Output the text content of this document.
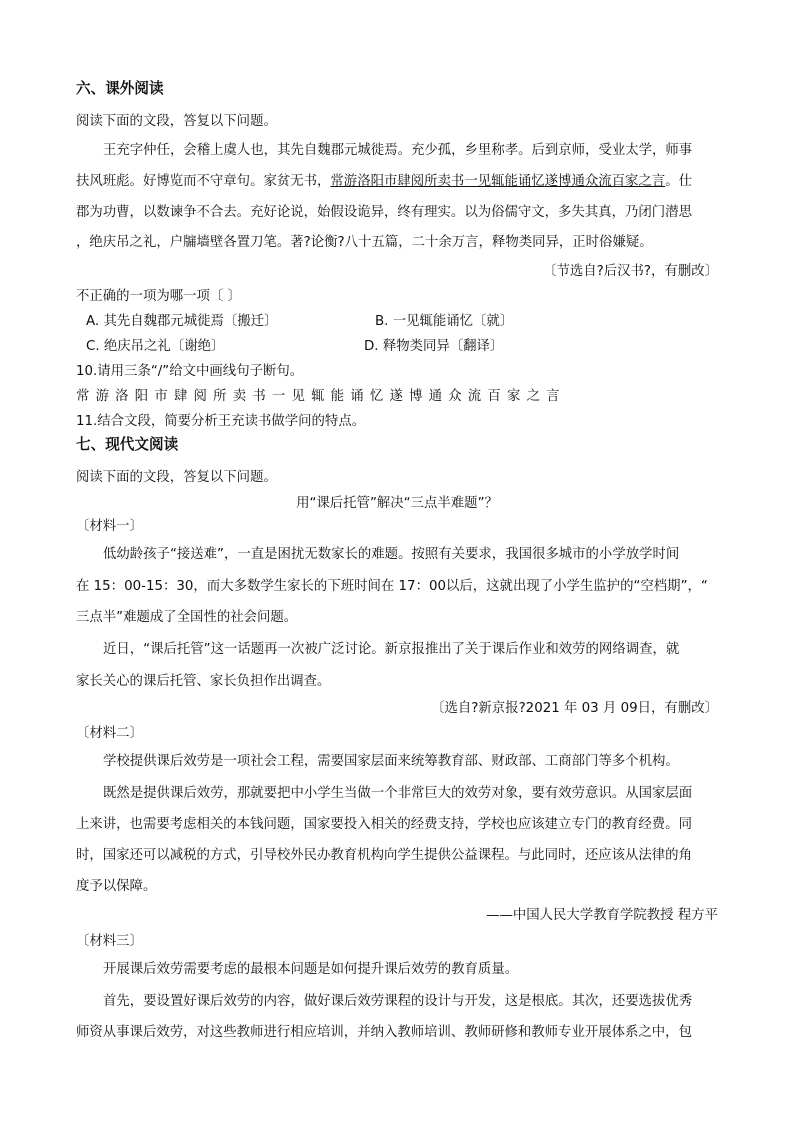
六、课外阅读
阅读下面的文段，答复以下问题。
王充字仲任，会稽上虞人也，其先自魏郡元城徙焉。充少孤，乡里称孝。后到京师，受业太学，师事
扶风班彪。好博览而不守章句。家贫无书，常游洛阳市肆阅所卖书一见辄能诵忆遂博通众流百家之言。仕
郡为功曹，以数谏争不合去。充好论说，始假设诡异，终有理实。以为俗儒守文，多失其真，乃闭门潜思
，绝庆吊之礼，户牖墙壁各置刀笔。著?论衡?八十五篇，二十余万言，释物类同异，正时俗嫌疑。
〔节选自?后汉书?，有删改〕
不正确的一项为哪一项〔 〕
A. 其先自魏郡元城徙焉〔搬迁〕	B. 一见辄能诵忆〔就〕
C. 绝庆吊之礼〔谢绝〕	D. 释物类同异〔翻译〕
10.请用三条“/”给文中画线句子断句。
常游洛阳市肆阅所卖书一见辄能诵忆遂博通众流百家之言
11.结合文段，简要分析王充读书做学问的特点。
七、现代文阅读
阅读下面的文段，答复以下问题。
用“课后托管”解决“三点半难题”？
〔材料一〕
低幼龄孩子“接送难”，一直是困扰无数家长的难题。按照有关要求，我国很多城市的小学放学时间
在 15：00-15：30，而大多数学生家长的下班时间在 17：00以后，这就出现了小学生监护的“空档期”，“
三点半”难题成了全国性的社会问题。
近日，“课后托管”这一话题再一次被广泛讨论。新京报推出了关于课后作业和效劳的网络调查，就
家长关心的课后托管、家长负担作出调查。
〔选自?新京报?2021 年 03 月 09日，有删改〕
〔材料二〕
学校提供课后效劳是一项社会工程，需要国家层面来统筹教育部、财政部、工商部门等多个机构。
既然是提供课后效劳，那就要把中小学生当做一个非常巨大的效劳对象，要有效劳意识。从国家层面
上来讲，也需要考虑相关的本钱问题，国家要投入相关的经费支持，学校也应该建立专门的教育经费。同
时，国家还可以减税的方式，引导校外民办教育机构向学生提供公益课程。与此同时，还应该从法律的角
度予以保障。
——中国人民大学教育学院教授 程方平
〔材料三〕
开展课后效劳需要考虑的最根本问题是如何提升课后效劳的教育质量。
首先，要设置好课后效劳的内容，做好课后效劳课程的设计与开发，这是根底。其次，还要选拔优秀
师资从事课后效劳，对这些教师进行相应培训，并纳入教师培训、教师研修和教师专业开展体系之中，包
